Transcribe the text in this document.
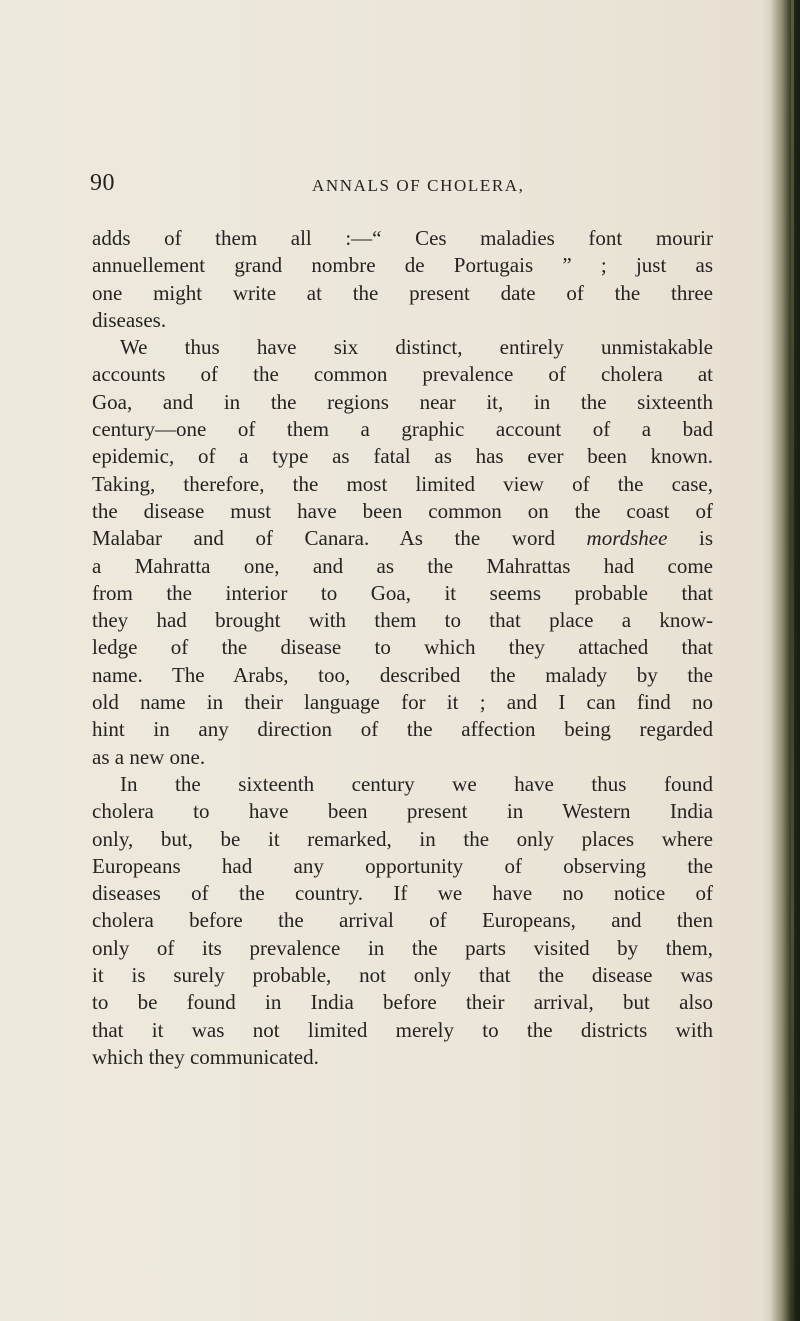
90	ANNALS OF CHOLERA,
adds of them all :—“ Ces maladies font mourir
annuellement grand nombre de Portugais ” ; just as
one might write at the present date of the three
diseases.
We thus have six distinct, entirely unmistakable
accounts of the common prevalence of cholera at
Goa, and in the regions near it, in the sixteenth
century—one of them a graphic account of a bad
epidemic, of a type as fatal as has ever been known.
Taking, therefore, the most limited view of the case,
the disease must have been common on the coast of
Malabar and of Canara. As the word mordshee is
a Mahratta one, and as the Mahrattas had come
from the interior to Goa, it seems probable that
they had brought with them to that place a know-
ledge of the disease to which they attached that
name. The Arabs, too, described the malady by the
old name in their language for it ; and I can find no
hint in any direction of the affection being regarded
as a new one.
In the sixteenth century we have thus found
cholera to have been present in Western India
only, but, be it remarked, in the only places where
Europeans had any opportunity of observing the
diseases of the country. If we have no notice of
cholera before the arrival of Europeans, and then
only of its prevalence in the parts visited by them,
it is surely probable, not only that the disease was
to be found in India before their arrival, but also
that it was not limited merely to the districts with
which they communicated.
